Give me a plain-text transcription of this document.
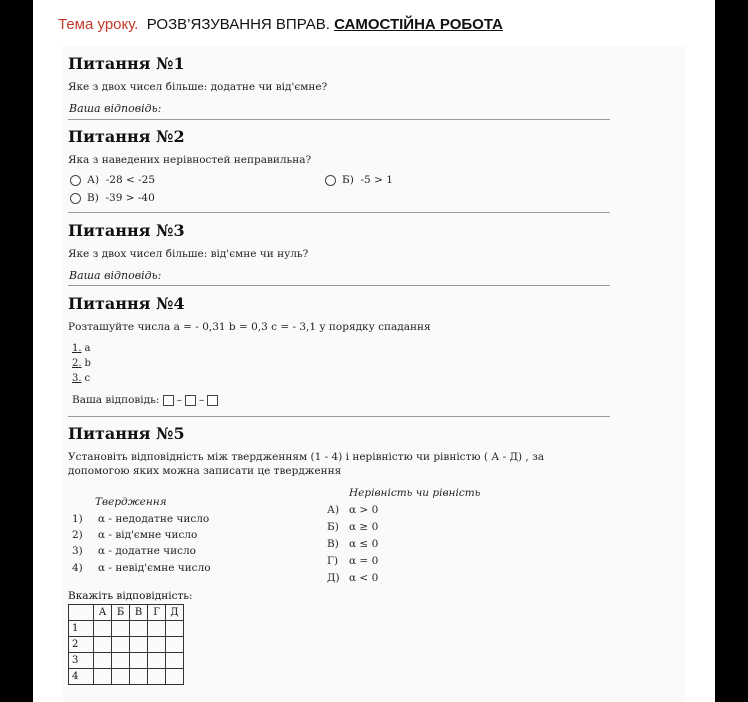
Тема уроку. РОЗВ’ЯЗУВАННЯ ВПРАВ. САМОСТІЙНА РОБОТА
Питання №1
Яке з двох чисел більше: додатне чи від'ємне?
Ваша відповідь:
Питання №2
Яка з наведених нерівностей неправильна?
А)
-28 < -25	Б)
-5 > 1
В)
-39 > -40
Питання №3
Яке з двох чисел більше: від'ємне чи нуль?
Ваша відповідь:
Питання №4
Розташуйте числа a = - 0,31 b = 0,3 c = - 3,1 у порядку спадання
1. a
2. b
3. c
Ваша відповідь:
– –
Питання №5
Установіть відповідність між твердженням (1 - 4) і нерівністю чи рівністю ( А - Д) , за допомогою яких можна записати це твердження
Твердження
Нерівність чи рівність
1) α - недодатне число
2) α - від'ємне число
3) α - додатне число
4) α - невід'ємне число
А) α > 0
Б) α ≥ 0
В) α ≤ 0
Г) α = 0
Д) α < 0
Вкажіть відповідність:
	А	Б	В	Г	Д
1					
2					
3					
4					
